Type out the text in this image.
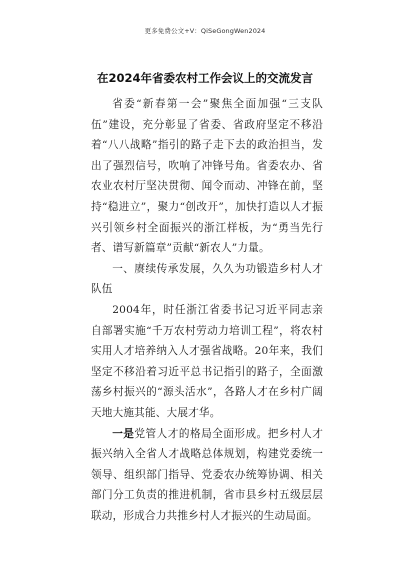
更多免费公文+V：QiSeGongWen2024
在2024年省委农村工作会议上的交流发言

省委“新春第一会”聚焦全面加强“三支队伍”建设，充分彰显了省委、省政府坚定不移沿着“八八战略”指引的路子走下去的政治担当，发出了强烈信号，吹响了冲锋号角。省委农办、省农业农村厅坚决贯彻、闻令而动、冲锋在前，坚持“稳进立”，聚力“创改开”，加快打造以人才振兴引领乡村全面振兴的浙江样板，为“勇当先行者、谱写新篇章”贡献“新农人”力量。

一、赓续传承发展，久久为功锻造乡村人才队伍

2004年，时任浙江省委书记习近平同志亲自部署实施“千万农村劳动力培训工程”，将农村实用人才培养纳入人才强省战略。20年来，我们坚定不移沿着习近平总书记指引的路子，全面激荡乡村振兴的“源头活水”，各路人才在乡村广阔天地大施其能、大展才华。

一是党管人才的格局全面形成。把乡村人才振兴纳入全省人才战略总体规划，构建党委统一领导、组织部门指导、党委农办统筹协调、相关部门分工负责的推进机制，省市县乡村五级层层联动，形成合力共推乡村人才振兴的生动局面。
